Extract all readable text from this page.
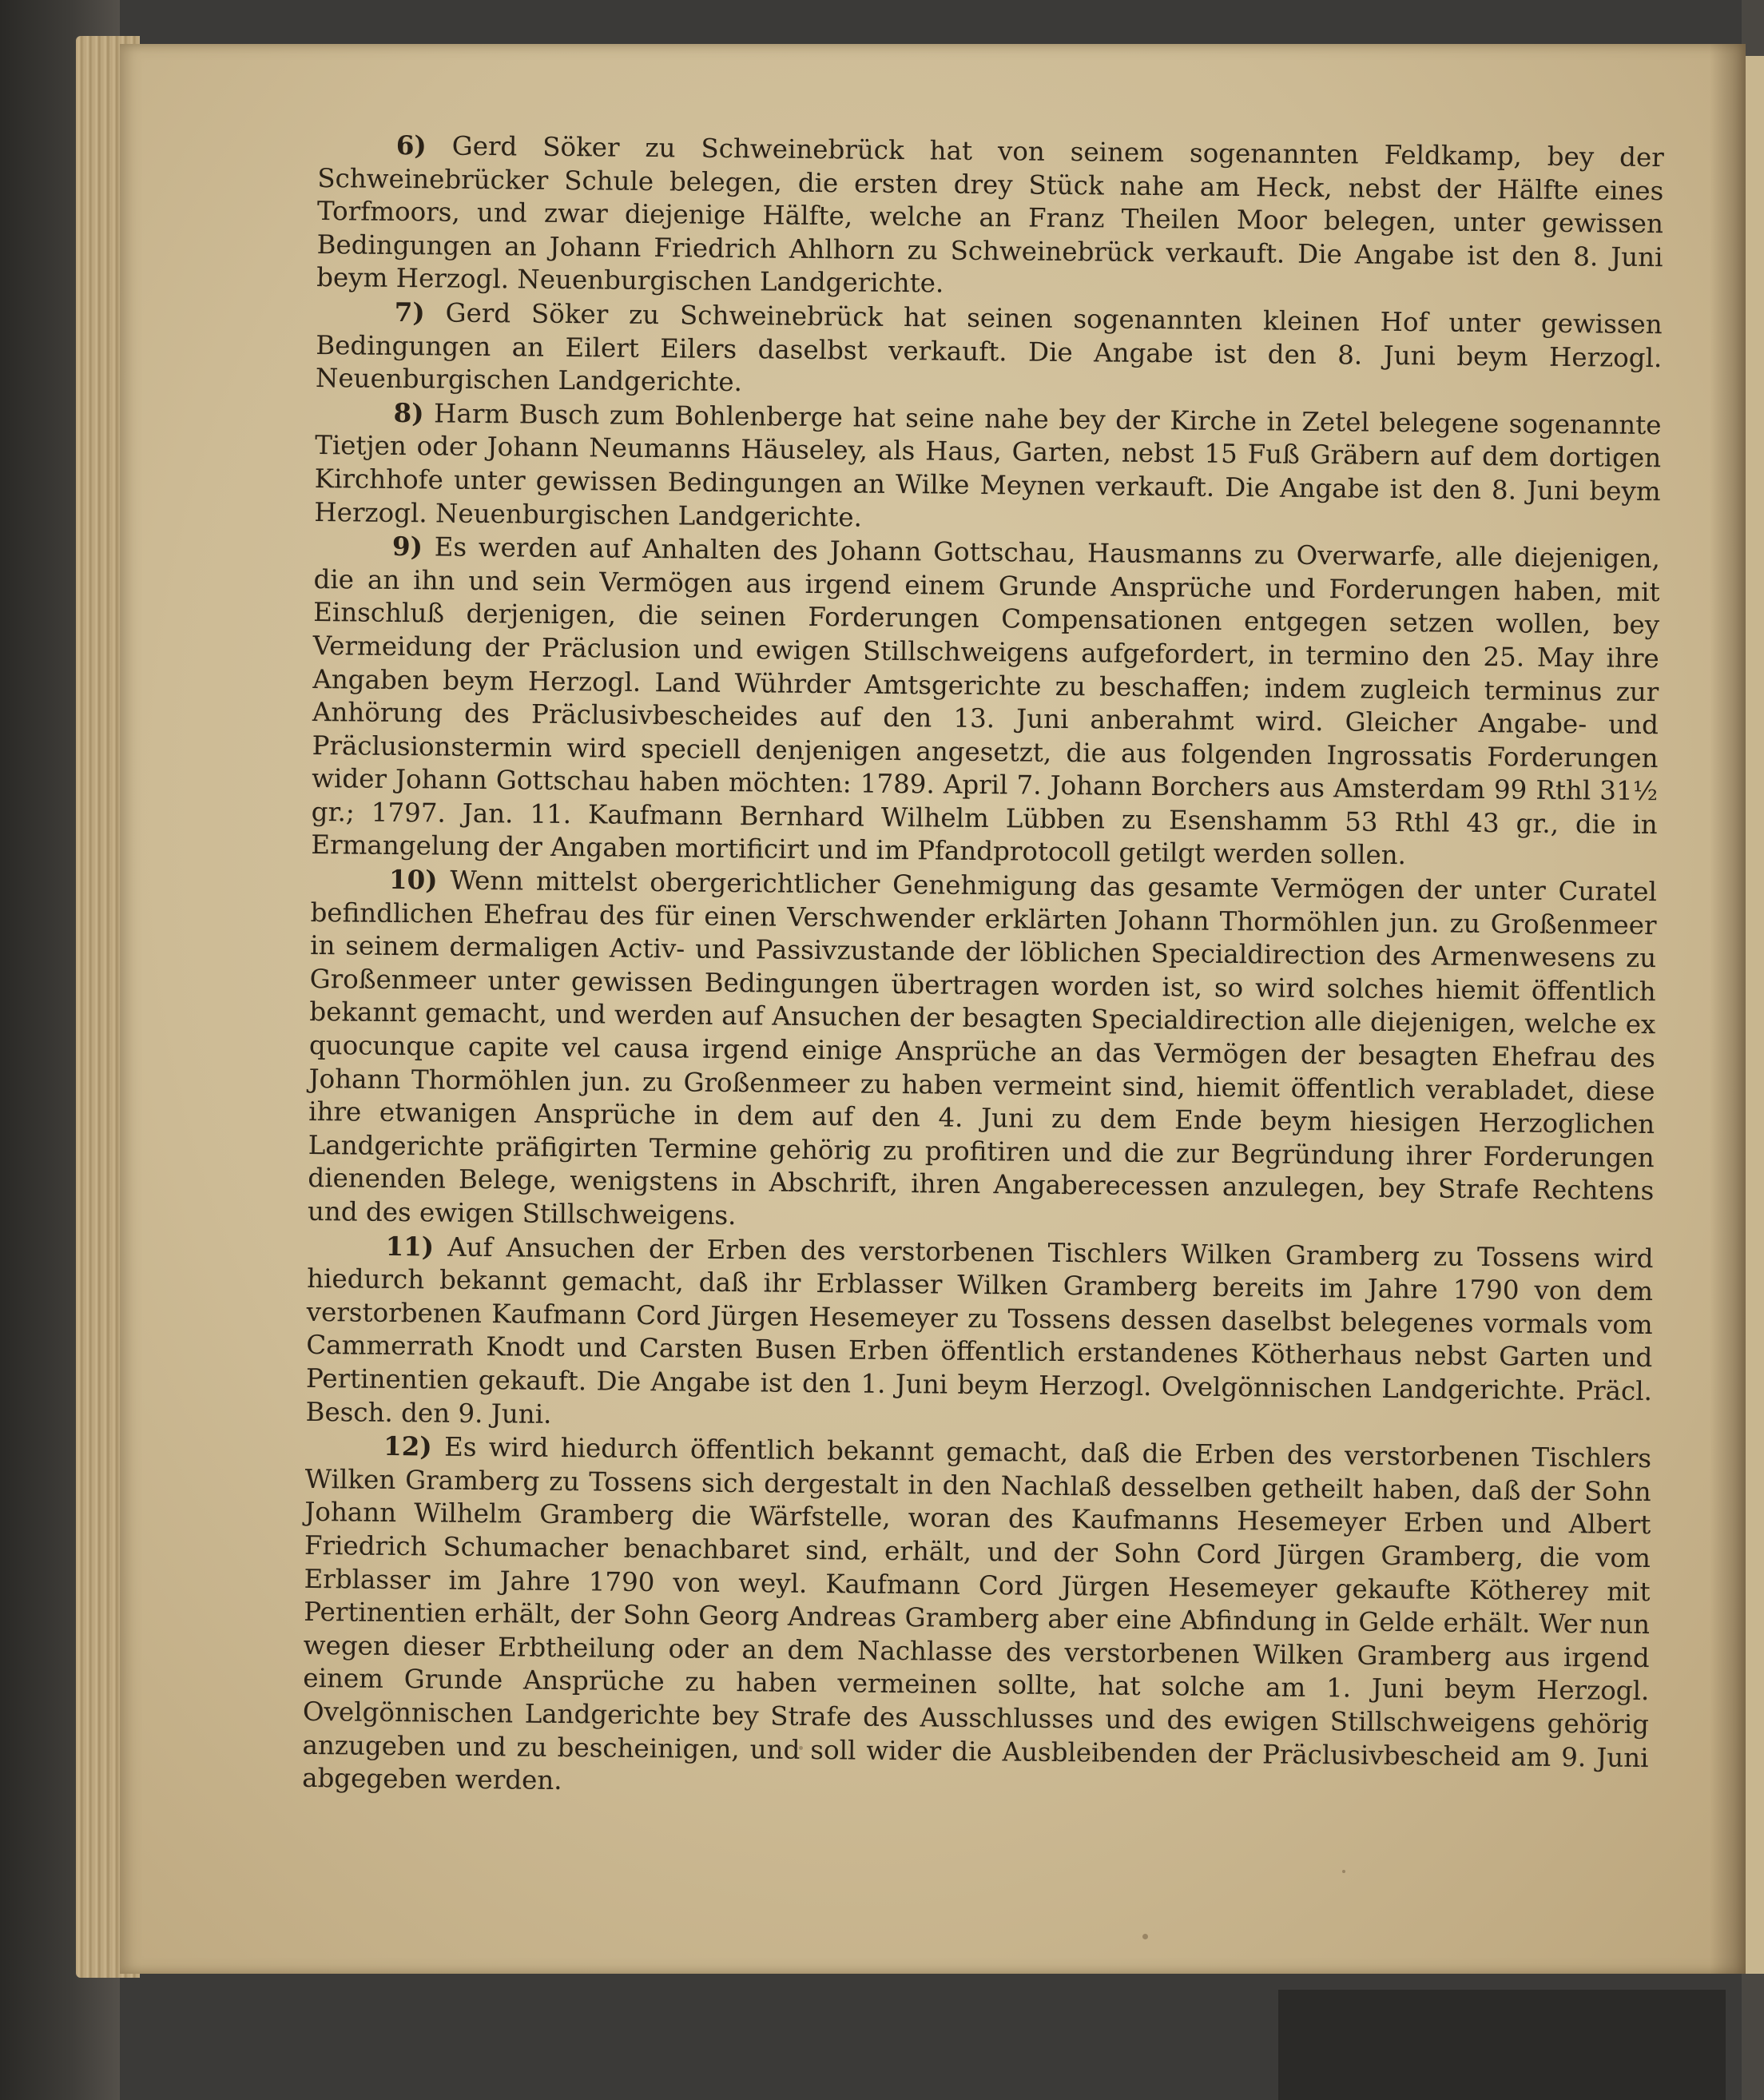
6) Gerd Söker zu Schweinebrück hat von seinem sogenannten Feldkamp, bey der Schweinebrücker Schule belegen, die ersten drey Stück nahe am Heck, nebst der Hälfte eines Torfmoors, und zwar diejenige Hälfte, welche an Franz Theilen Moor belegen, unter gewissen Bedingungen an Johann Friedrich Ahlhorn zu Schweinebrück verkauft. Die Angabe ist den 8. Juni beym Herzogl. Neuenburgischen Landgerichte.

7) Gerd Söker zu Schweinebrück hat seinen sogenannten kleinen Hof unter gewissen Bedingungen an Eilert Eilers daselbst verkauft. Die Angabe ist den 8. Juni beym Herzogl. Neuenburgischen Landgerichte.

8) Harm Busch zum Bohlenberge hat seine nahe bey der Kirche in Zetel belegene sogenannte Tietjen oder Johann Neumanns Häuseley, als Haus, Garten, nebst 15 Fuß Gräbern auf dem dortigen Kirchhofe unter gewissen Bedingungen an Wilke Meynen verkauft. Die Angabe ist den 8. Juni beym Herzogl. Neuenburgischen Landgerichte.

9) Es werden auf Anhalten des Johann Gottschau, Hausmanns zu Overwarfe, alle diejenigen, die an ihn und sein Vermögen aus irgend einem Grunde Ansprüche und Forderungen haben, mit Einschluß derjenigen, die seinen Forderungen Compensationen entgegen setzen wollen, bey Vermeidung der Präclusion und ewigen Stillschweigens aufgefordert, in termino den 25. May ihre Angaben beym Herzogl. Land Wührder Amtsgerichte zu beschaffen; indem zugleich terminus zur Anhörung des Präclusivbescheides auf den 13. Juni anberahmt wird. Gleicher Angabe- und Präclusionstermin wird speciell denjenigen angesetzt, die aus folgenden Ingrossatis Forderungen wider Johann Gottschau haben möchten: 1789. April 7. Johann Borchers aus Amsterdam 99 Rthl 31½ gr.; 1797. Jan. 11. Kaufmann Bernhard Wilhelm Lübben zu Esenshamm 53 Rthl 43 gr., die in Ermangelung der Angaben mortificirt und im Pfandprotocoll getilgt werden sollen.

10) Wenn mittelst obergerichtlicher Genehmigung das gesamte Vermögen der unter Curatel befindlichen Ehefrau des für einen Verschwender erklärten Johann Thormöhlen jun. zu Großenmeer in seinem dermaligen Activ- und Passivzustande der löblichen Specialdirection des Armenwesens zu Großenmeer unter gewissen Bedingungen übertragen worden ist, so wird solches hiemit öffentlich bekannt gemacht, und werden auf Ansuchen der besagten Specialdirection alle diejenigen, welche ex quocunque capite vel causa irgend einige Ansprüche an das Vermögen der besagten Ehefrau des Johann Thormöhlen jun. zu Großenmeer zu haben vermeint sind, hiemit öffentlich verabladet, diese ihre etwanigen Ansprüche in dem auf den 4. Juni zu dem Ende beym hiesigen Herzoglichen Landgerichte präfigirten Termine gehörig zu profitiren und die zur Begründung ihrer Forderungen dienenden Belege, wenigstens in Abschrift, ihren Angaberecessen anzulegen, bey Strafe Rechtens und des ewigen Stillschweigens.

11) Auf Ansuchen der Erben des verstorbenen Tischlers Wilken Gramberg zu Tossens wird hiedurch bekannt gemacht, daß ihr Erblasser Wilken Gramberg bereits im Jahre 1790 von dem verstorbenen Kaufmann Cord Jürgen Hesemeyer zu Tossens dessen daselbst belegenes vormals vom Cammerrath Knodt und Carsten Busen Erben öffentlich erstandenes Kötherhaus nebst Garten und Pertinentien gekauft. Die Angabe ist den 1. Juni beym Herzogl. Ovelgönnischen Landgerichte. Präcl. Besch. den 9. Juni.

12) Es wird hiedurch öffentlich bekannt gemacht, daß die Erben des verstorbenen Tischlers Wilken Gramberg zu Tossens sich dergestalt in den Nachlaß desselben getheilt haben, daß der Sohn Johann Wilhelm Gramberg die Wärfstelle, woran des Kaufmanns Hesemeyer Erben und Albert Friedrich Schumacher benachbaret sind, erhält, und der Sohn Cord Jürgen Gramberg, die vom Erblasser im Jahre 1790 von weyl. Kaufmann Cord Jürgen Hesemeyer gekaufte Kötherey mit Pertinentien erhält, der Sohn Georg Andreas Gramberg aber eine Abfindung in Gelde erhält. Wer nun wegen dieser Erbtheilung oder an dem Nachlasse des verstorbenen Wilken Gramberg aus irgend einem Grunde Ansprüche zu haben vermeinen sollte, hat solche am 1. Juni beym Herzogl. Ovelgönnischen Landgerichte bey Strafe des Ausschlusses und des ewigen Stillschweigens gehörig anzugeben und zu bescheinigen, und soll wider die Ausbleibenden der Präclusivbescheid am 9. Juni abgegeben werden.
